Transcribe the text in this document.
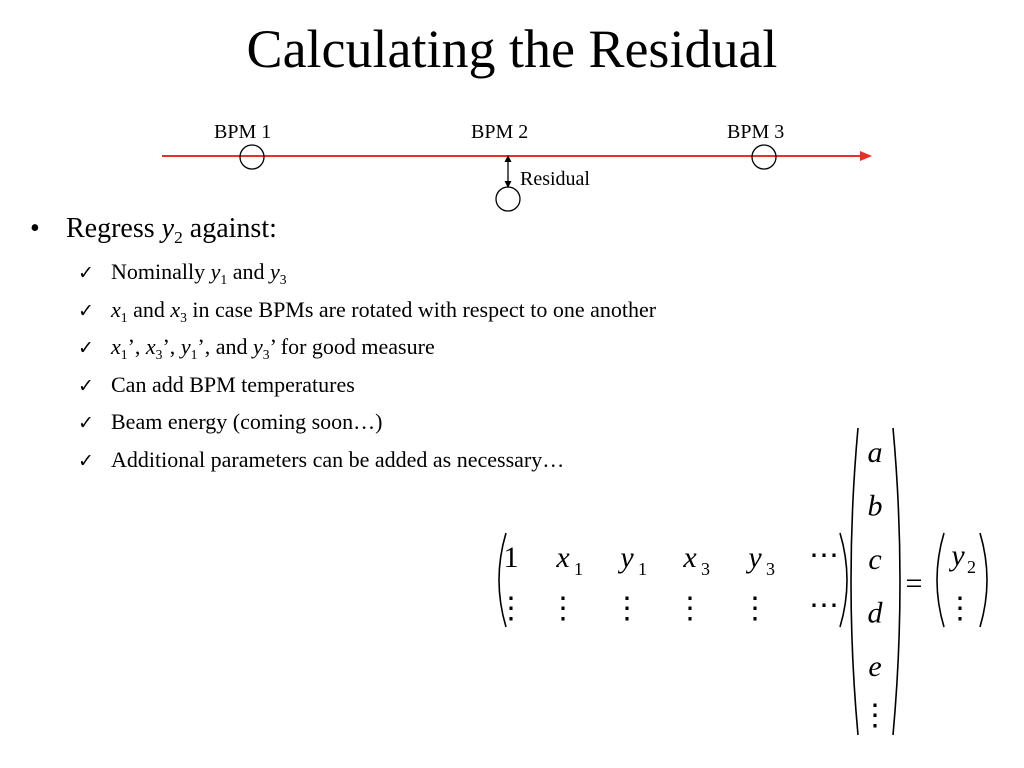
Calculating the Residual
BPM 1	BPM 2	BPM 3
Residual
• Regress $y_2$ against:
✓ Nominally $y_1$ and $y_3$
✓ $x_1$ and $x_3$ in case BPMs are rotated with respect to one another
✓ $x_1$’, $x_3$’, $y_1$’, and $y_3$’ for good measure
✓ Can add BPM temperatures
✓ Beam energy (coming soon…)
✓ Additional parameters can be added as necessary…
1
⋮
x 1
⋮
y 1
⋮
x 3
⋮
y 3
⋮
⋯
⋯
a
b
c
d
e
⋮
=
y 2
⋮
